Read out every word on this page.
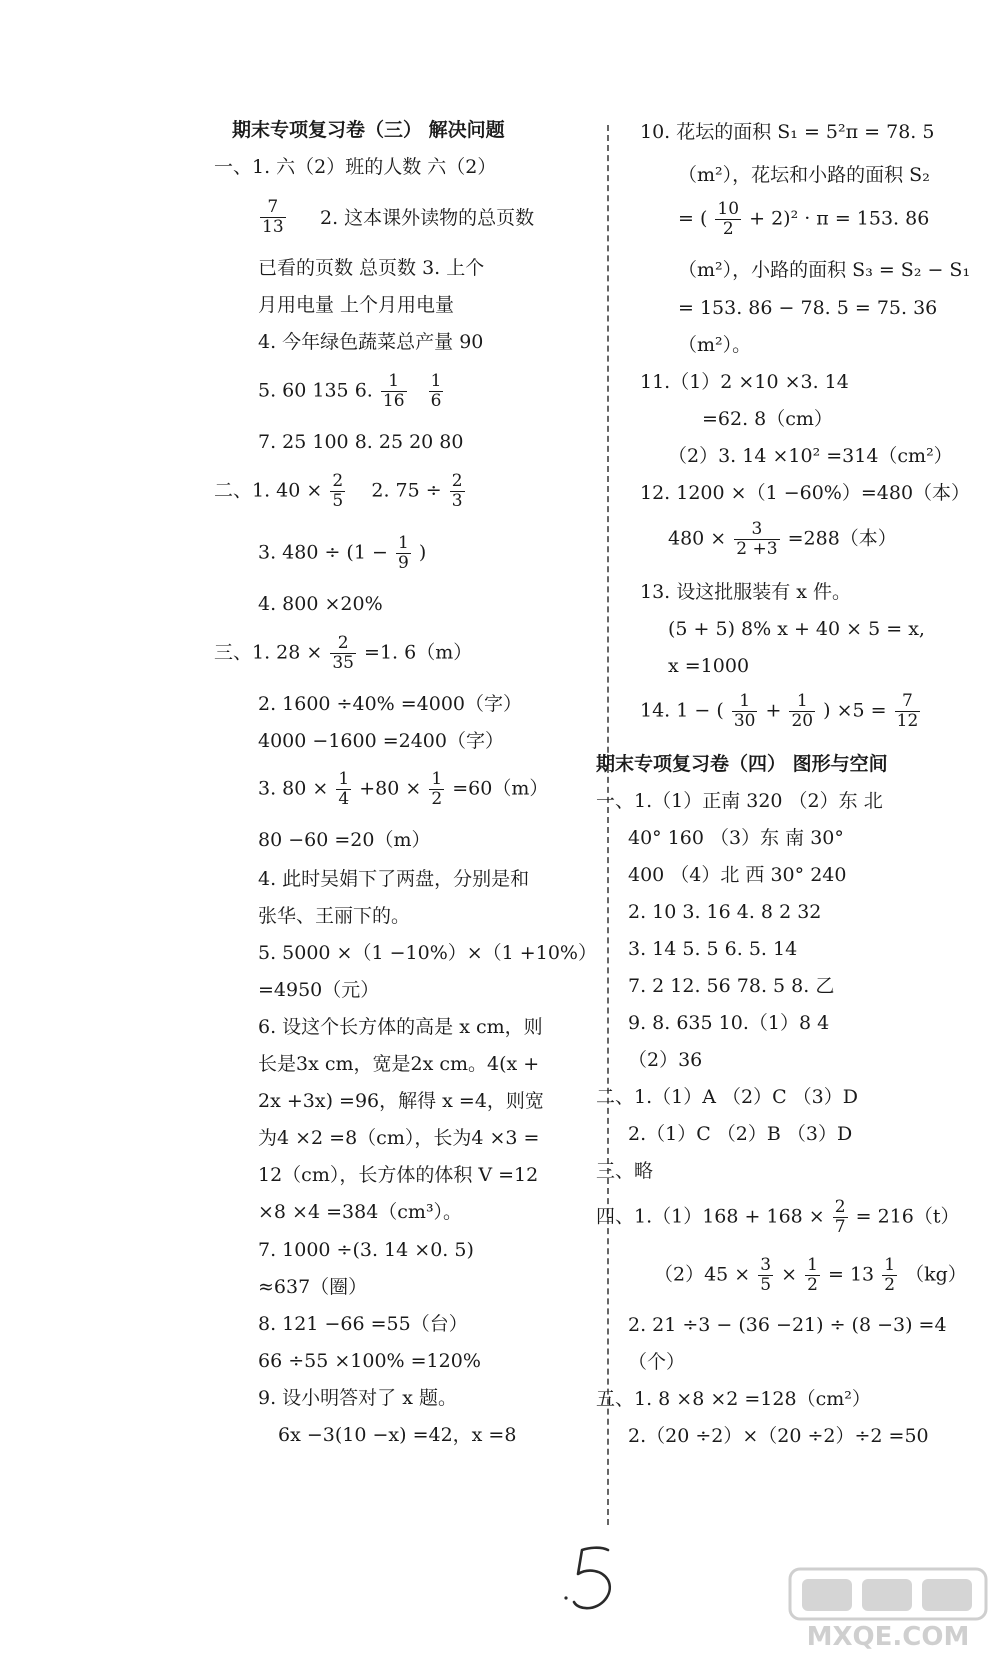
期末专项复习卷（三） 解决问题
一、1. 六（2）班的人数 六（2）
$\frac{7}{13} 2$. 这本课外读物的总页数
已看的页数 总页数 3. 上个
月用电量 上个月用电量
4. 今年绿色蔬菜总产量 90
5. 60 135 6. $\frac{1}{16}$
$\frac{1}{6}$
7. 25 100 8. 25 20 80
二、1. $40 \times \frac{2}{5} 2$. $75 \div \frac{2}{3}$
3. $480 \div (1 - \frac{1}{9}$ )
4. 800 ×20%
三、1. $28 \times \frac{2}{35} =1$. 6（m）
2. 1600 ÷40% =4000（字）
4000 −1600 =2400（字）
3. $80 \times \frac{1}{4} +80 \times \frac{1}{2} =60(m)$
80 −60 =20（m）
4. 此时吴娟下了两盘，分别是和
张华、王丽下的。
5. 5000 ×（1 −10%）×（1 +10%）
=4950（元）
6. 设这个长方体的高是 x cm，则
长是3x cm，宽是2x cm。4(x +
2x +3x) =96，解得 x =4，则宽
为4 ×2 =8（cm），长为4 ×3 =
12（cm），长方体的体积 V =12
×8 ×4 =384（cm³）。
7. 1000 ÷(3. 14 ×0. 5)
≈637（圈）
8. 121 −66 =55（台）
66 ÷55 ×100% =120%
9. 设小明答对了 x 题。
6x −3(10 −x) =42，x =8
10. 花坛的面积 S₁ = 5²π = 78. 5
（m²），花坛和小路的面积 S₂
= ( $\frac{10}{2} + 2)^2 \cdot \pi = 153$. 86
（m²），小路的面积 S₃ = S₂ − S₁
= 153. 86 − 78. 5 = 75. 36
（m²）。
11.（1）2 ×10 ×3. 14
=62. 8（cm）
（2）3. 14 ×10² =314（cm²）
12. 1200 ×（1 −60%）=480（本）
$480 \times \frac{3}{2 +3} =288$（本）
13. 设这批服装有 x 件。
(5 + 5) 8% x + 40 × 5 = x,
x =1000
14. 1 − ( $\frac{1}{30} + \frac{1}{20}$ ) $\times 5 = \frac{7}{12}$
期末专项复习卷（四） 图形与空间
一、1.（1）正南 320 （2）东 北
40° 160 （3）东 南 30°
400 （4）北 西 30° 240
2. 10 3. 16 4. 8 2 32
3. 14 5. 5 6. 5. 14
7. 2 12. 56 78. 5 8. 乙
9. 8. 635 10.（1）8 4
（2）36
二、1.（1）A （2）C （3）D
2.（1）C （2）B （3）D
三、略
四、$1.(1)168 + 168 \times \frac{2}{7} = 216(t)$
$(2)45 \times \frac{3}{5} \times \frac{1}{2} = 13 \frac{1}{2} (kg)$
2. 21 ÷3 − (36 −21) ÷ (8 −3) =4
（个）
五、1. 8 ×8 ×2 =128（cm²）
2.（20 ÷2）×（20 ÷2）÷2 =50
MXQE.COM
